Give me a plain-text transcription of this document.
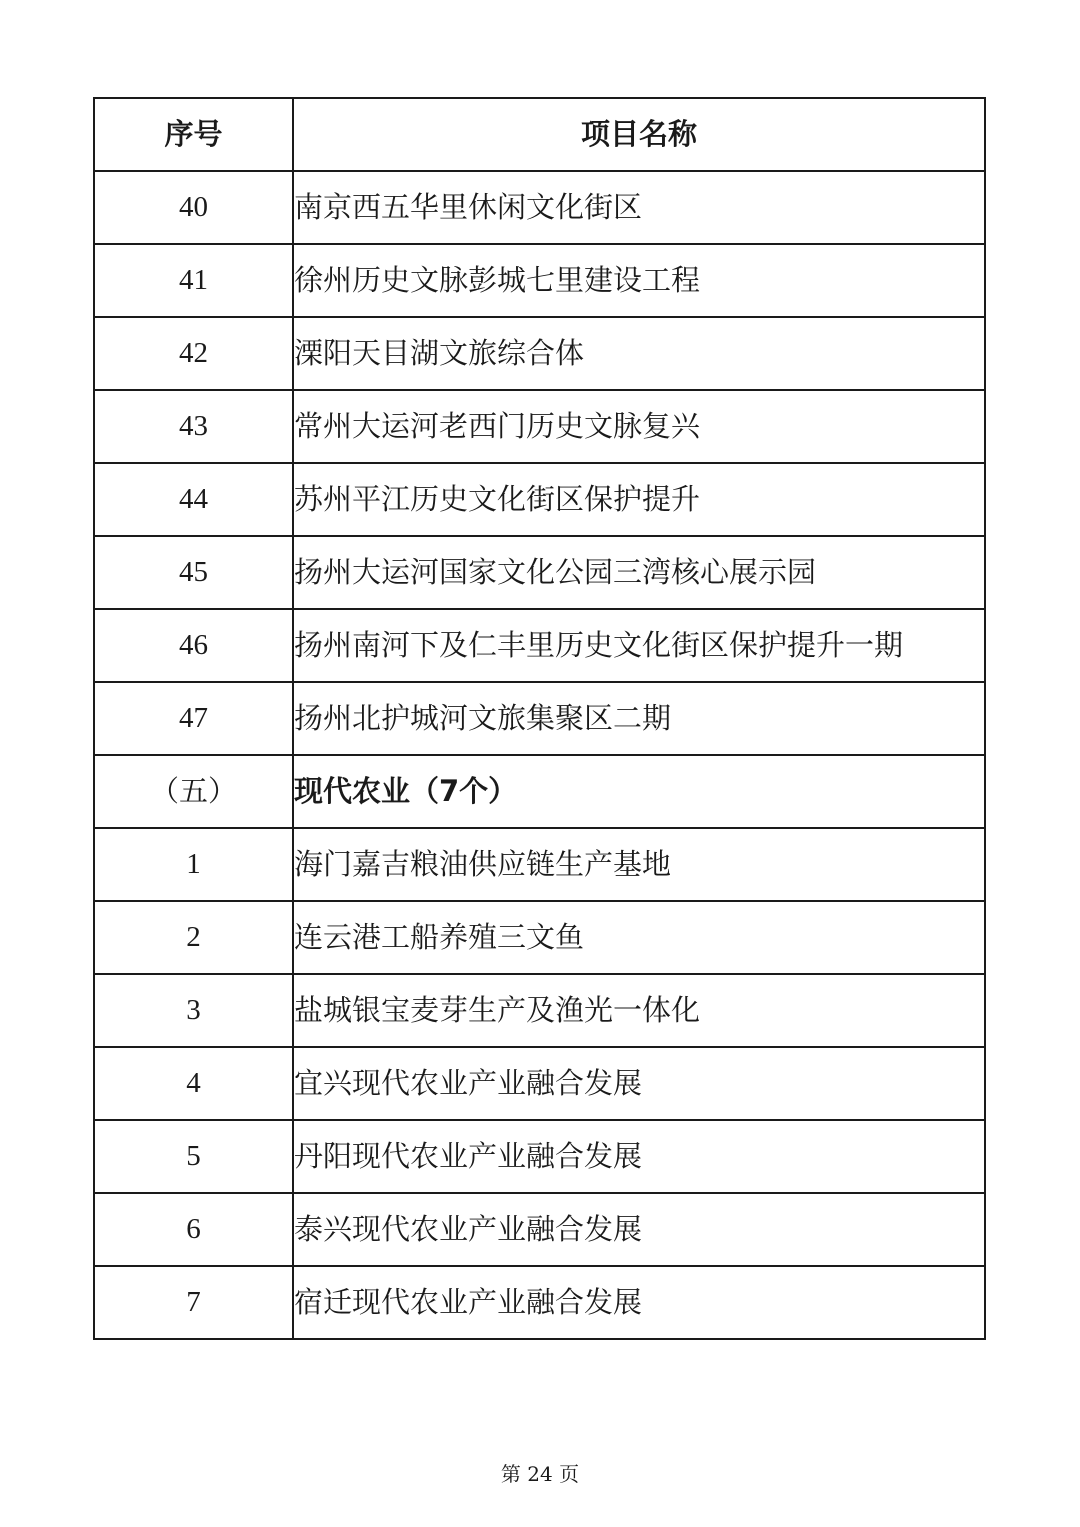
序号	项目名称
40	南京西五华里休闲文化街区
41	徐州历史文脉彭城七里建设工程
42	溧阳天目湖文旅综合体
43	常州大运河老西门历史文脉复兴
44	苏州平江历史文化街区保护提升
45	扬州大运河国家文化公园三湾核心展示园
46	扬州南河下及仁丰里历史文化街区保护提升一期
47	扬州北护城河文旅集聚区二期
（五）	现代农业（7个）
1	海门嘉吉粮油供应链生产基地
2	连云港工船养殖三文鱼
3	盐城银宝麦芽生产及渔光一体化
4	宜兴现代农业产业融合发展
5	丹阳现代农业产业融合发展
6	泰兴现代农业产业融合发展
7	宿迁现代农业产业融合发展
第 24 页
